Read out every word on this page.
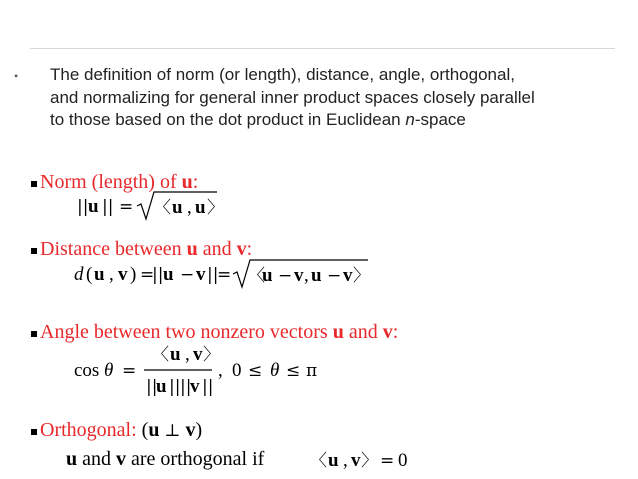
• The definition of norm (or length), distance, angle, orthogonal,
and normalizing for general inner product spaces closely parallel
to those based on the dot product in Euclidean n-space
Norm (length) of u:
|| u || = 〈 u , u 〉
Distance between u and v:
d ( u , v ) =
|| u − v ||
= 〈
u − v , u − v 〉
Angle between two nonzero vectors u and v:
cos θ =
〈 u , v 〉
||
u || ||
v ||
, 0 ≤ θ ≤ π
Orthogonal: (u ⊥ v)
u and v are orthogonal if	〈 u , v 〉 = 0
